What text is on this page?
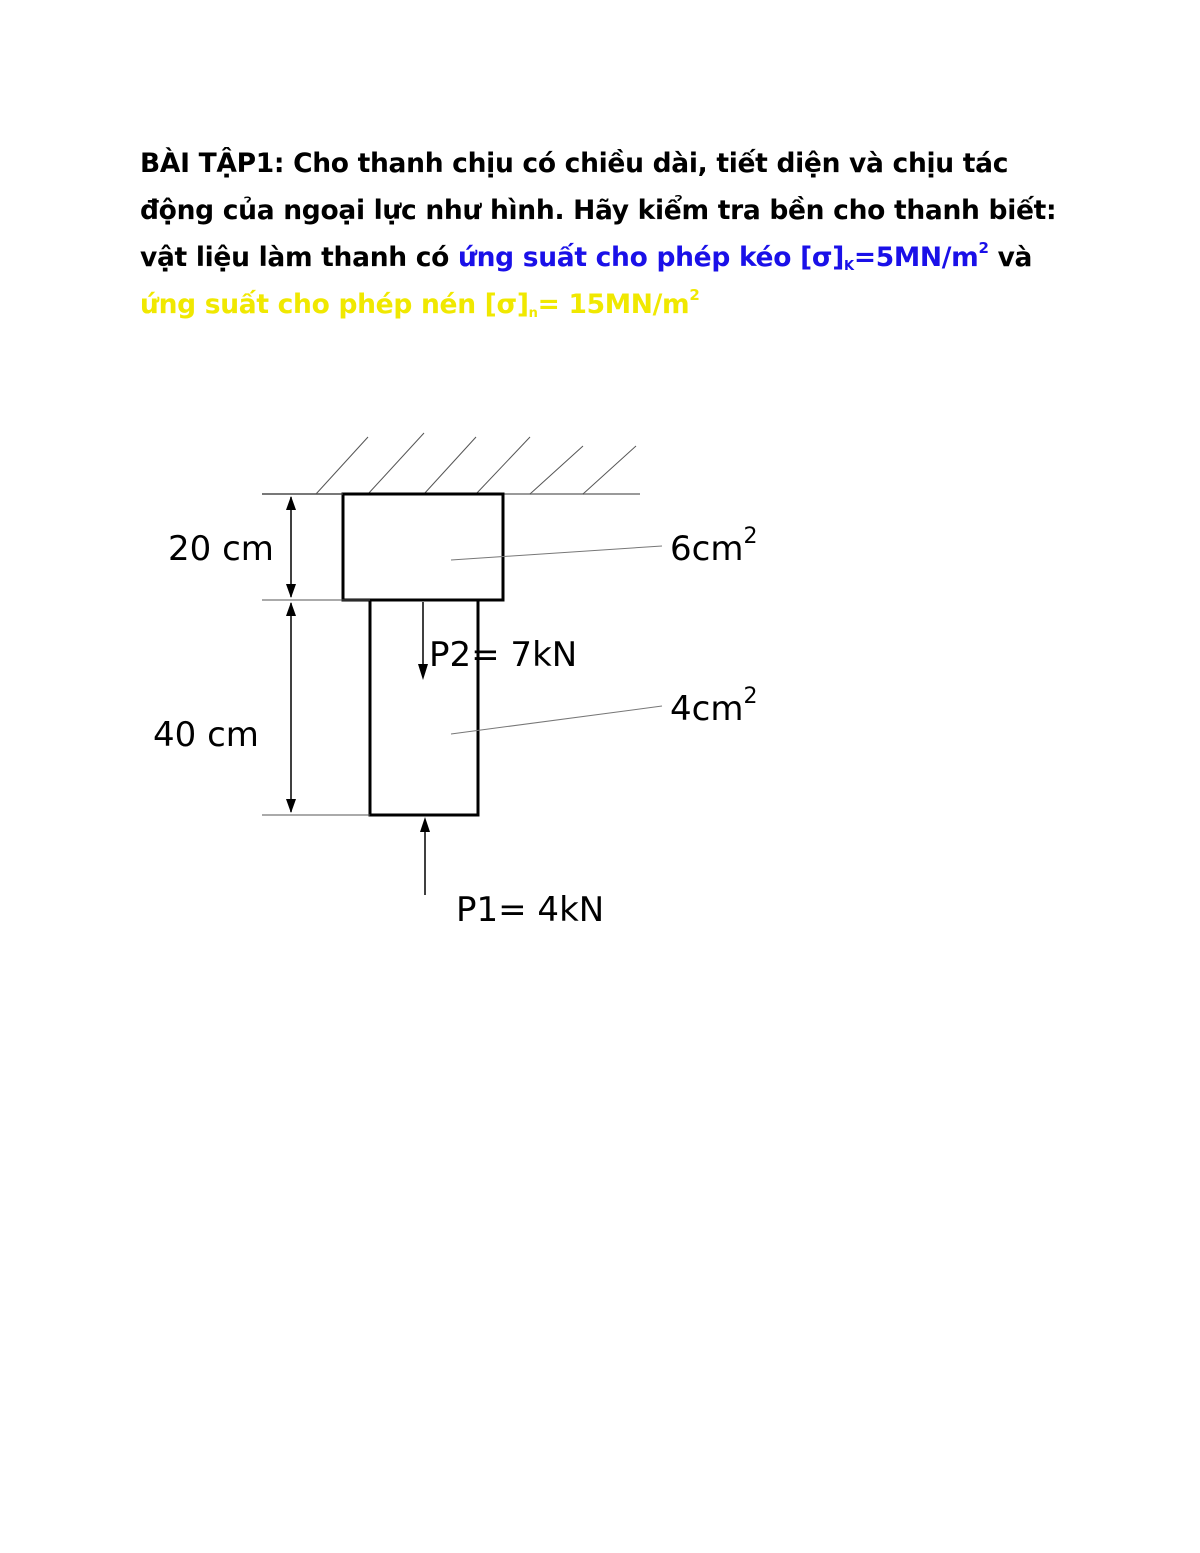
BÀI TẬP1: Cho thanh chịu có chiều dài, tiết diện và chịu tác
động của ngoại lực như hình. Hãy kiểm tra bền cho thanh biết:
vật liệu làm thanh có ứng suất cho phép kéo $[\sigma]_K=5MN/m^2$ và
ứng suất cho phép nén $[\sigma]_n= 15MN/m^2$
20 cm
40 cm
$6cm^2$
$4cm^2$
P2= 7kN
P1= 4kN
